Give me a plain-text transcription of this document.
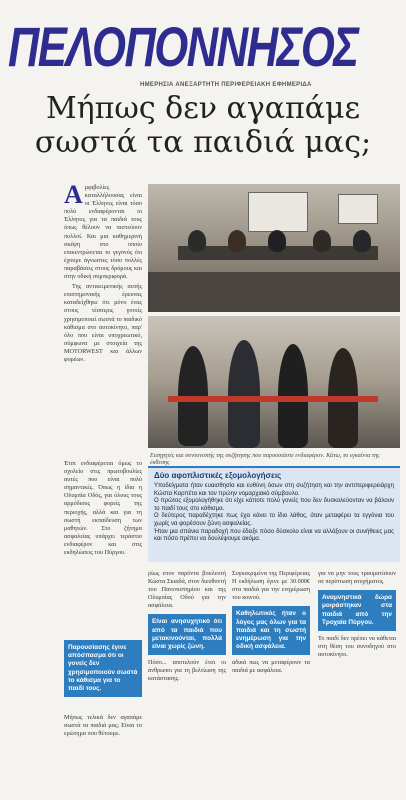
ΠΕΛΟΠΟΝΝΗΣΟΣ
ΗΜΕΡΗΣΙΑ ΑΝΕΞΑΡΤΗΤΗ ΠΕΡΙΦΕΡΕΙΑΚΗ ΕΦΗΜΕΡΙΔΑ
Μήπως δεν αγαπάμε
σωστά τα παιδιά μας;

Αμφιβολίες καταλλήλουσας είναι οι Έλληνες είναι τόσο πολύ ενδιαφέρονται οι Έλληνες για τα παιδιά τους όπως θέλουν να πιστεύουν πολλοί. Και μια καθημερινή σκέψη στο οποίο επικεντρώνεται το γεγονός ότι έχουμε άγνωστες τόσο πολλές παραβάσεις στους δρόμους και στην οδική συμπεριφορά.

Της αντικειμενικής αυτής επιστημονικής έρευνας καταδείχθηκε ότι μόνο ένας στους τέσσερις γονείς χρησιμοποιεί σωστά το παιδικό κάθισμα στο αυτοκίνητο, παρ' όλο που είναι υποχρεωτικό, σύμφωνα με στοιχεία της MOTORWEST και άλλων φορέων.

Έτσι ενδιαφέρεται όμως το σχολείο στις πρωτοβουλίες αυτές που είναι πολύ σημαντικές. Όπως η ίδια η Ολυμπία Οδός, για όλους τους αρμόδιους φορείς της περιοχής, αλλά και για τη σωστή εκπαίδευση των μαθητών. Στο ζήτημα ασφαλείας υπάρχει τεράστιο ενδιαφέρον και στις εκδηλώσεις του Πύργου.
Παρουσίασης έγινε απόσπασμα ότι οι γονείς δεν χρησιμοποιούν σωστά το κάθισμα για το παιδί τους.
Μήπως τελικά δεν αγαπάμε σωστά τα παιδιά μας; Είναι το ερώτημα που θέτουμε.
Εισηγητές και συντονιστής της συζήτησης που παρουσιάστε ενδιαφέρον. Κάτω, το εγκαίνια της έκθεσης
Δύο αφοπλιστικές εξομολογήσεις

Υποδείγματα ήταν ευαισθησία και ευθύνη όσων στη συζήτηση και την αντιπεριφερειάρχη Κώστα Καρπέτα και τον πρώην νομαρχιακό σύμβουλο.

Ο πρώτος εξομολογήθηκε ότι είχε κάποτε πολύ γονείς που δεν δυσκολεύονταν να βάλουν το παιδί τους στο κάθισμα.

Ο δεύτερος παραδέχτηκε πως έχει κάνει το ίδιο λάθος, όταν μεταφέρει τα εγγόνια του χωρίς να φορέσουν ζώνη ασφαλείας.

Ήταν μια σπάνια παραδοχή που έδειξε πόσο δύσκολο είναι να αλλάξουν οι συνήθειες μας και πόσο πρέπει να δουλέψουμε ακόμα.

ρίως στον παρόντα βουλευτή Κώστα Σκιαδά, στον διευθυντή του Πανεπιστημίου και της Ολυμπίας Οδού για την ασφάλεια.

Είναι ανησυχητικό ότι από τα παιδιά που μετακινούνται, πολλά είναι χωρίς ζώνη.

Πόσο... αποτελούν έτσι οι άνθρωποι για τη βελτίωση της κατάστασης.

Συγκεκριμένα της Περιφέρειας Η εκδήλωση έγινε με 30.000€ στα παιδιά για την ενημέρωση του κοινού.

Καθηλωτικός ήταν ο λόγος μας όλων για τα παιδιά και τη σωστή ενημέρωση για την οδική ασφάλεια.

αδικά πως να μεταφέρουν τα παιδιά με ασφάλεια.

για να μην τους τραυματίσουν σε περίπτωση ατυχήματος.

Αναμνηστικά δώρα μοιράστηκαν στα παιδιά από την Τροχαία Πύργου.

Το παιδί δεν πρέπει να κάθεται στη θέση του συνοδηγού στο αυτοκίνητο.
